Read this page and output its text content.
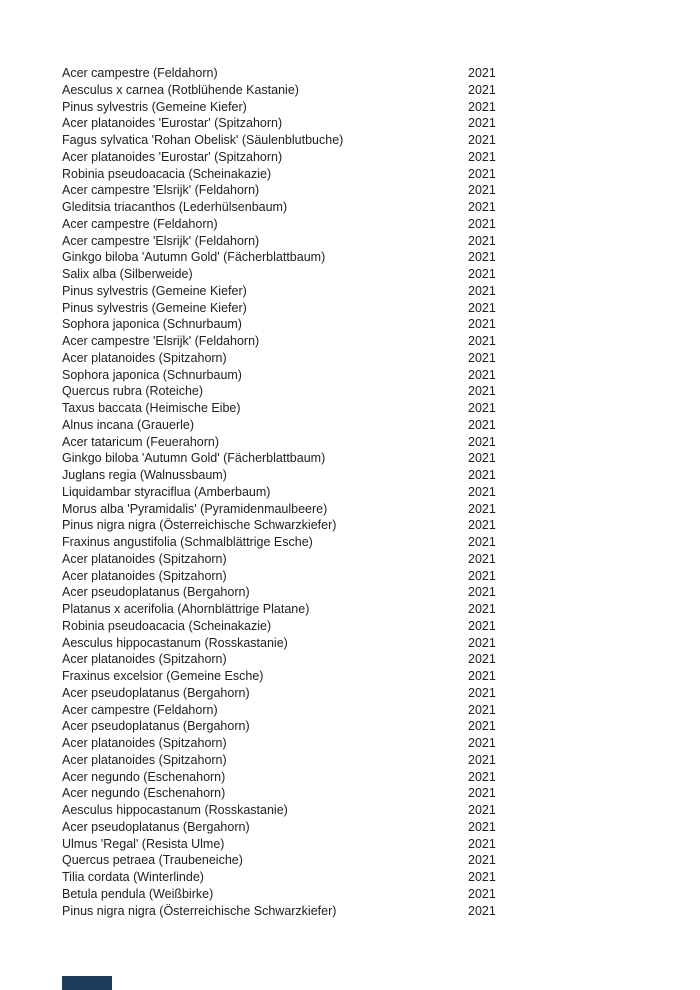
Acer campestre (Feldahorn)	2021
Aesculus x carnea (Rotblühende Kastanie)	2021
Pinus sylvestris (Gemeine Kiefer)	2021
Acer platanoides 'Eurostar' (Spitzahorn)	2021
Fagus sylvatica 'Rohan Obelisk' (Säulenblutbuche)	2021
Acer platanoides 'Eurostar' (Spitzahorn)	2021
Robinia pseudoacacia (Scheinakazie)	2021
Acer campestre 'Elsrijk' (Feldahorn)	2021
Gleditsia triacanthos (Lederhülsenbaum)	2021
Acer campestre (Feldahorn)	2021
Acer campestre 'Elsrijk' (Feldahorn)	2021
Ginkgo biloba 'Autumn Gold' (Fächerblattbaum)	2021
Salix alba (Silberweide)	2021
Pinus sylvestris (Gemeine Kiefer)	2021
Pinus sylvestris (Gemeine Kiefer)	2021
Sophora japonica (Schnurbaum)	2021
Acer campestre 'Elsrijk' (Feldahorn)	2021
Acer platanoides (Spitzahorn)	2021
Sophora japonica (Schnurbaum)	2021
Quercus rubra (Roteiche)	2021
Taxus baccata (Heimische Eibe)	2021
Alnus incana (Grauerle)	2021
Acer tataricum (Feuerahorn)	2021
Ginkgo biloba 'Autumn Gold' (Fächerblattbaum)	2021
Juglans regia (Walnussbaum)	2021
Liquidambar styraciflua (Amberbaum)	2021
Morus alba 'Pyramidalis' (Pyramidenmaulbeere)	2021
Pinus nigra nigra (Österreichische Schwarzkiefer)	2021
Fraxinus angustifolia (Schmalblättrige Esche)	2021
Acer platanoides (Spitzahorn)	2021
Acer platanoides (Spitzahorn)	2021
Acer pseudoplatanus (Bergahorn)	2021
Platanus x acerifolia (Ahornblättrige Platane)	2021
Robinia pseudoacacia (Scheinakazie)	2021
Aesculus hippocastanum (Rosskastanie)	2021
Acer platanoides (Spitzahorn)	2021
Fraxinus excelsior (Gemeine Esche)	2021
Acer pseudoplatanus (Bergahorn)	2021
Acer campestre (Feldahorn)	2021
Acer pseudoplatanus (Bergahorn)	2021
Acer platanoides (Spitzahorn)	2021
Acer platanoides (Spitzahorn)	2021
Acer negundo (Eschenahorn)	2021
Acer negundo (Eschenahorn)	2021
Aesculus hippocastanum (Rosskastanie)	2021
Acer pseudoplatanus (Bergahorn)	2021
Ulmus 'Regal' (Resista Ulme)	2021
Quercus petraea (Traubeneiche)	2021
Tilia cordata (Winterlinde)	2021
Betula pendula (Weißbirke)	2021
Pinus nigra nigra (Österreichische Schwarzkiefer)	2021
